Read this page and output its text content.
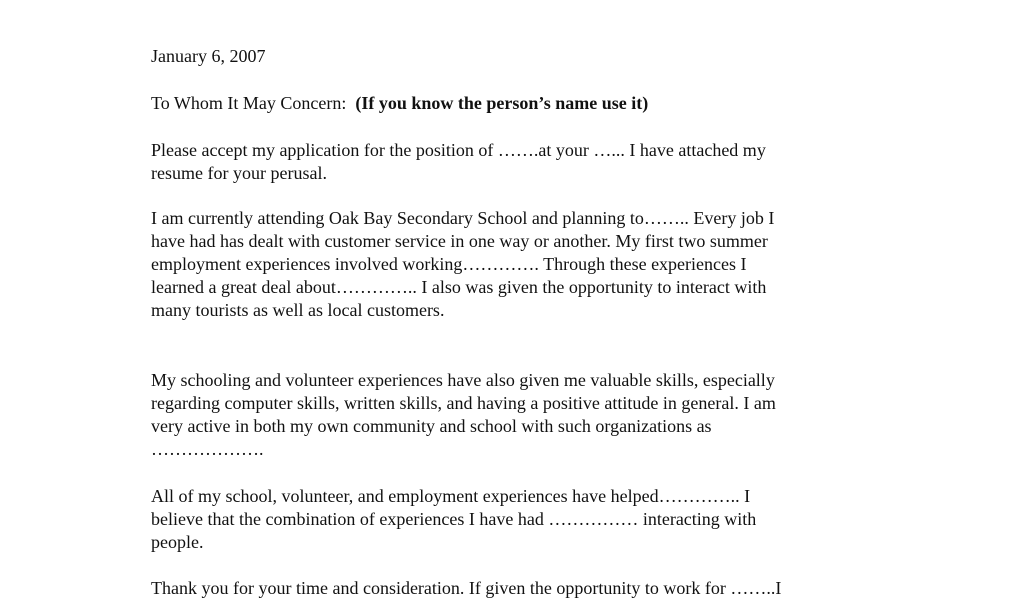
January 6, 2007

To Whom It May Concern: (If you know the person’s name use it)

Please accept my application for the position of …….at your …... I have attached my
resume for your perusal.

I am currently attending Oak Bay Secondary School and planning to…….. Every job I
have had has dealt with customer service in one way or another. My first two summer
employment experiences involved working…………. Through these experiences I
learned a great deal about………….. I also was given the opportunity to interact with
many tourists as well as local customers.

My schooling and volunteer experiences have also given me valuable skills, especially
regarding computer skills, written skills, and having a positive attitude in general. I am
very active in both my own community and school with such organizations as
……………….

All of my school, volunteer, and employment experiences have helped………….. I
believe that the combination of experiences I have had …………… interacting with
people.

Thank you for your time and consideration. If given the opportunity to work for ……..I
